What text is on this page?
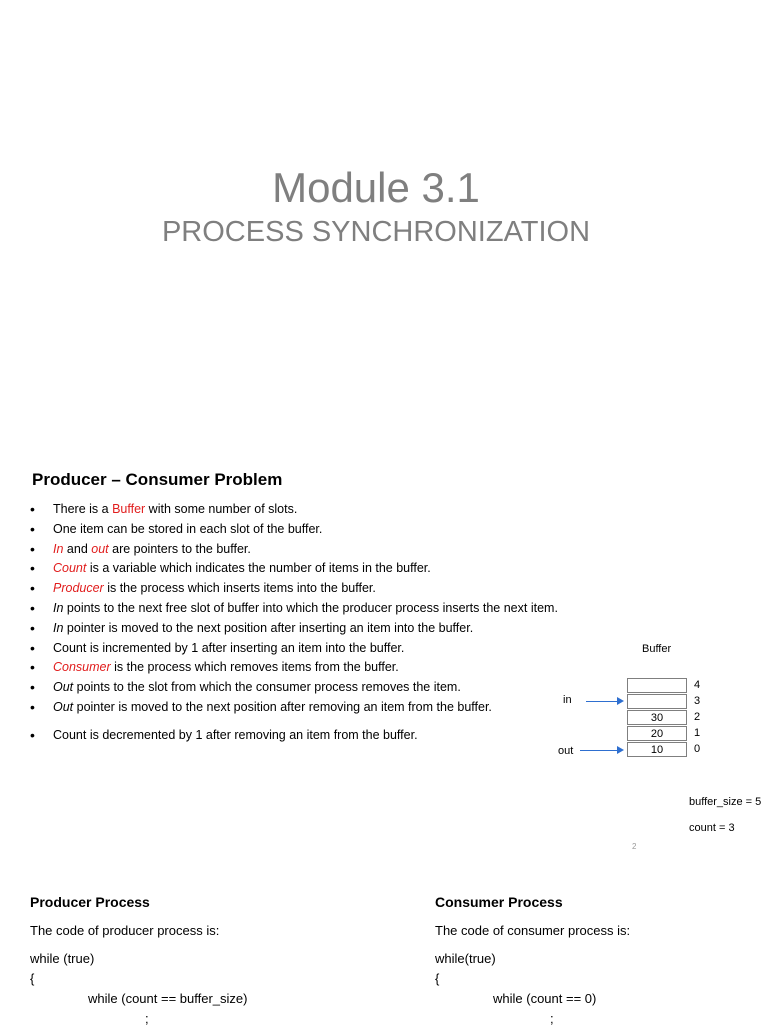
Module 3.1
PROCESS SYNCHRONIZATION
Producer – Consumer Problem
• There is a Buffer with some number of slots.
• One item can be stored in each slot of the buffer.
• In and out are pointers to the buffer.
• Count is a variable which indicates the number of items in the buffer.
• Producer is the process which inserts items into the buffer.
• In points to the next free slot of buffer into which the producer process inserts the next item.
• In pointer is moved to the next position after inserting an item into the buffer.
• Count is incremented by 1 after inserting an item into the buffer.
• Consumer is the process which removes items from the buffer.
• Out points to the slot from which the consumer process removes the item.
• Out pointer is moved to the next position after removing an item from the buffer.
• Count is decremented by 1 after removing an item from the buffer.
Buffer
30
20
10
4
3
2
1
0
in
out
buffer_size = 5
count = 3
2
Producer Process
The code of producer process is:
while (true)
{
while (count == buffer_size)
;
Consumer Process
The code of consumer process is:
while(true)
{
while (count == 0)
;
